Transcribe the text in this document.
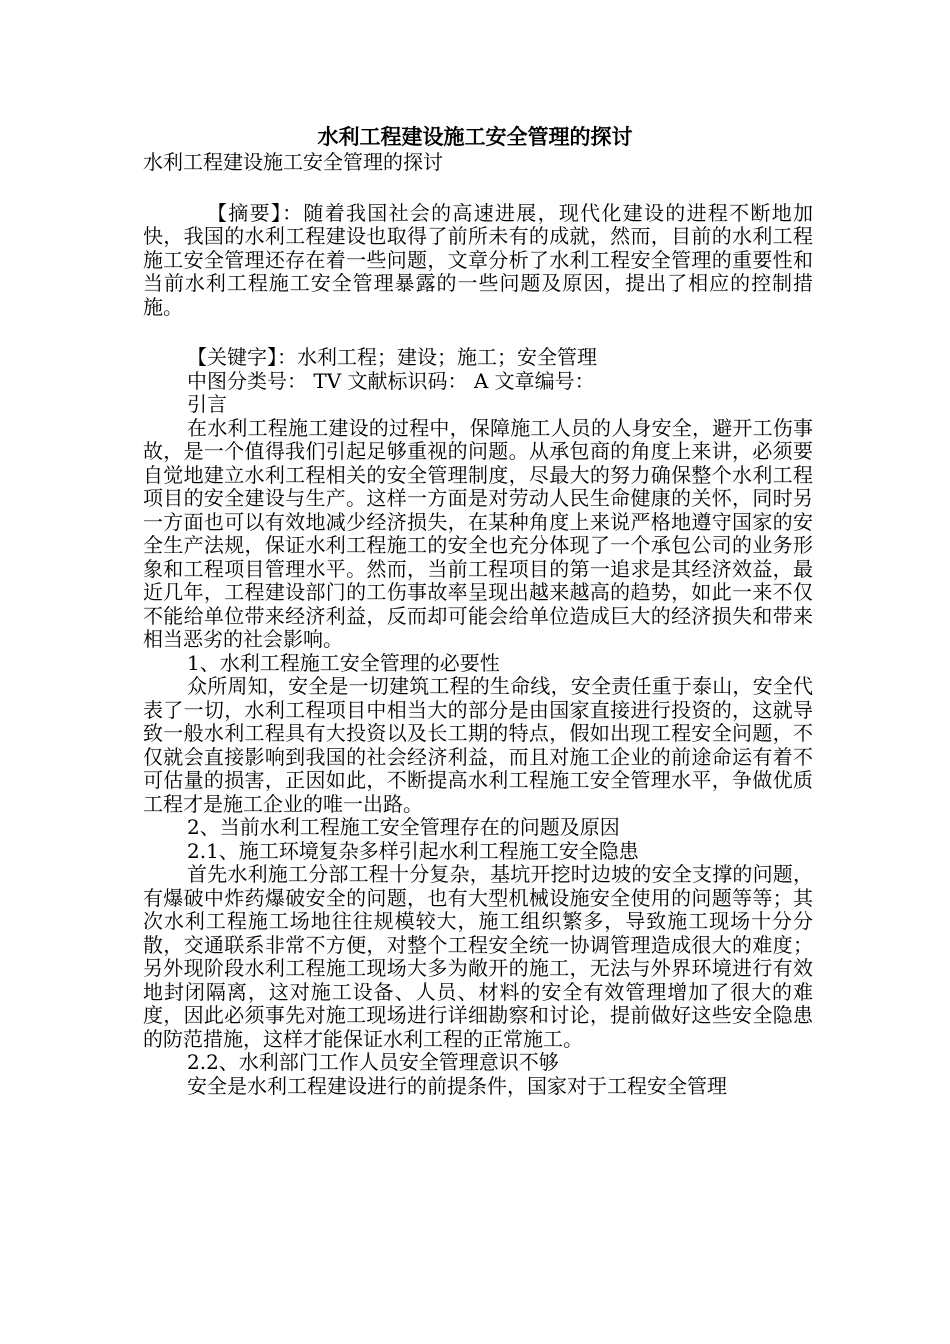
水利工程建设施工安全管理的探讨

水利工程建设施工安全管理的探讨

【摘要】：随着我国社会的高速进展，现代化建设的进程不断地加快，我国的水利工程建设也取得了前所未有的成就，然而，目前的水利工程施工安全管理还存在着一些问题，文章分析了水利工程安全管理的重要性和当前水利工程施工安全管理暴露的一些问题及原因，提出了相应的控制措施。

【关键字】：水利工程；建设；施工；安全管理

中图分类号： TV 文献标识码： A 文章编号：

引言

在水利工程施工建设的过程中，保障施工人员的人身安全，避开工伤事故，是一个值得我们引起足够重视的问题。从承包商的角度上来讲，必须要自觉地建立水利工程相关的安全管理制度，尽最大的努力确保整个水利工程项目的安全建设与生产。这样一方面是对劳动人民生命健康的关怀，同时另一方面也可以有效地减少经济损失，在某种角度上来说严格地遵守国家的安全生产法规，保证水利工程施工的安全也充分体现了一个承包公司的业务形象和工程项目管理水平。然而，当前工程项目的第一追求是其经济效益，最近几年，工程建设部门的工伤事故率呈现出越来越高的趋势，如此一来不仅不能给单位带来经济利益，反而却可能会给单位造成巨大的经济损失和带来相当恶劣的社会影响。

1、水利工程施工安全管理的必要性

众所周知，安全是一切建筑工程的生命线，安全责任重于泰山，安全代表了一切，水利工程项目中相当大的部分是由国家直接进行投资的，这就导致一般水利工程具有大投资以及长工期的特点，假如出现工程安全问题，不仅就会直接影响到我国的社会经济利益，而且对施工企业的前途命运有着不可估量的损害，正因如此，不断提高水利工程施工安全管理水平，争做优质工程才是施工企业的唯一出路。

2、当前水利工程施工安全管理存在的问题及原因

2.1、施工环境复杂多样引起水利工程施工安全隐患

首先水利施工分部工程十分复杂，基坑开挖时边坡的安全支撑的问题，有爆破中炸药爆破安全的问题，也有大型机械设施安全使用的问题等等；其次水利工程施工场地往往规模较大，施工组织繁多，导致施工现场十分分散，交通联系非常不方便，对整个工程安全统一协调管理造成很大的难度；另外现阶段水利工程施工现场大多为敞开的施工，无法与外界环境进行有效地封闭隔离，这对施工设备、人员、材料的安全有效管理增加了很大的难度，因此必须事先对施工现场进行详细勘察和讨论，提前做好这些安全隐患的防范措施，这样才能保证水利工程的正常施工。

2.2、水利部门工作人员安全管理意识不够

安全是水利工程建设进行的前提条件，国家对于工程安全管理
